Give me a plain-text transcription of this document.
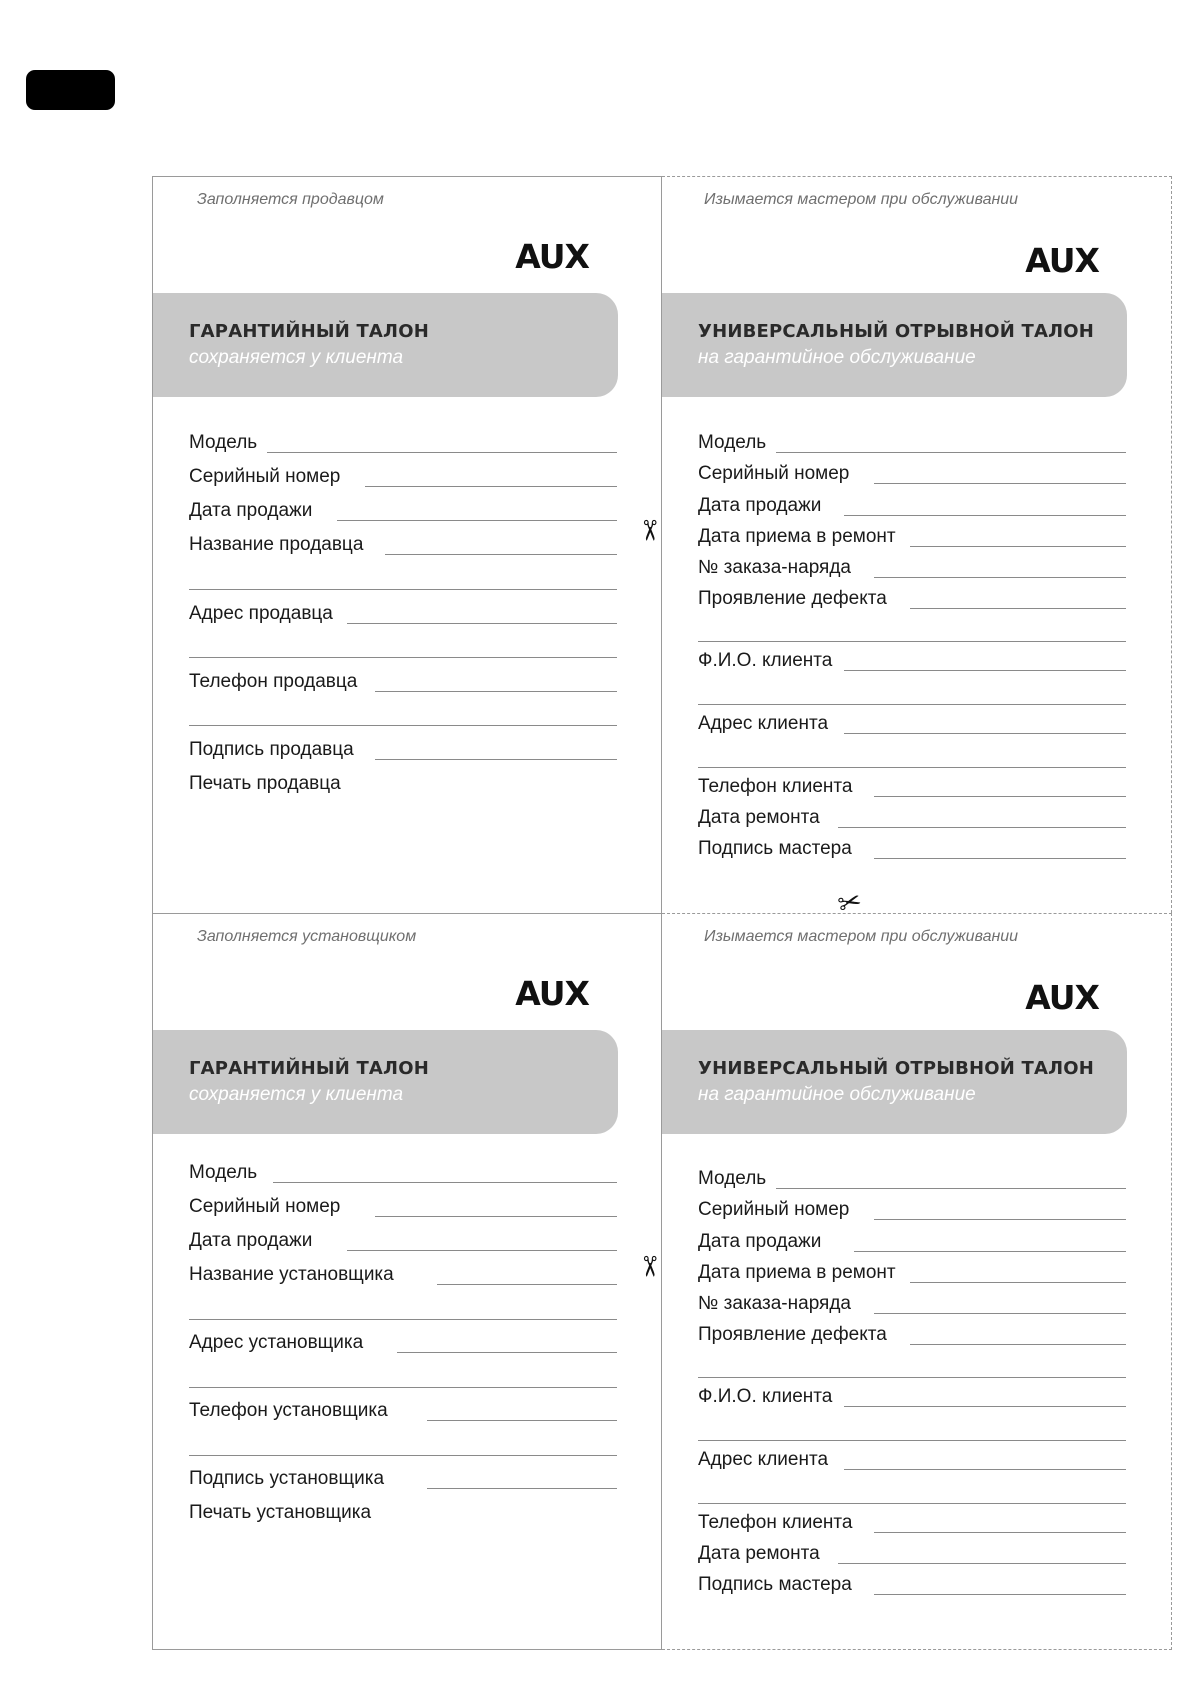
Заполняется продавцом
AUX
ГАРАНТИЙНЫЙ ТАЛОН
сохраняется у клиента
Модель
Серийный номер
Дата продажи
Название продавца
Адрес продавца
Телефон продавца
Подпись продавца
Печать продавца
Изымается мастером при обслуживании
AUX
УНИВЕРСАЛЬНЫЙ ОТРЫВНОЙ ТАЛОН
на гарантийное обслуживание
Модель
Серийный номер
Дата продажи
Дата приема в ремонт
№ заказа-наряда
Проявление дефекта
Ф.И.О. клиента
Адрес клиента
Телефон клиента
Дата ремонта
Подпись мастера
Заполняется установщиком
AUX
ГАРАНТИЙНЫЙ ТАЛОН
сохраняется у клиента
Модель
Серийный номер
Дата продажи
Название установщика
Адрес установщика
Телефон установщика
Подпись установщика
Печать установщика
Изымается мастером при обслуживании
AUX
УНИВЕРСАЛЬНЫЙ ОТРЫВНОЙ ТАЛОН
на гарантийное обслуживание
Модель
Серийный номер
Дата продажи
Дата приема в ремонт
№ заказа-наряда
Проявление дефекта
Ф.И.О. клиента
Адрес клиента
Телефон клиента
Дата ремонта
Подпись мастера
✂
✂
✂
